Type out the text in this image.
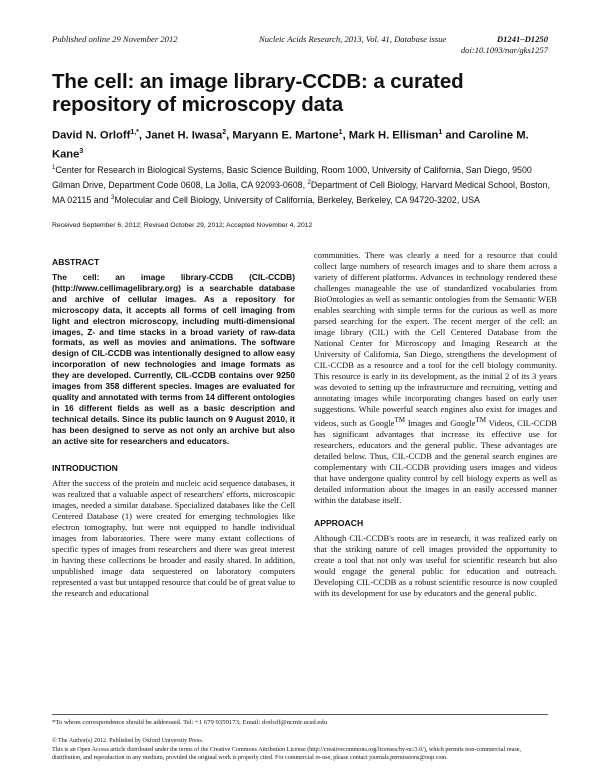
Published online 29 November 2012	Nucleic Acids Research, 2013, Vol. 41, Database issue	D1241–D1250
doi:10.1093/nar/gks1257
The cell: an image library-CCDB: a curated repository of microscopy data
David N. Orloff$^{1,*}$, Janet H. Iwasa$^2$, Maryann E. Martone$^1$, Mark H. Ellisman$^1$ and Caroline M. Kane$^3$
$^1$Center for Research in Biological Systems, Basic Science Building, Room 1000, University of California, San Diego, 9500 Gilman Drive, Department Code 0608, La Jolla, CA 92093-0608, $^2$Department of Cell Biology, Harvard Medical School, Boston, MA 02115 and $^3$Molecular and Cell Biology, University of California, Berkeley, Berkeley, CA 94720-3202, USA
Received September 6, 2012; Revised October 29, 2012; Accepted November 4, 2012
ABSTRACT

The cell: an image library-CCDB (CIL-CCDB) (http://www.cellimagelibrary.org) is a searchable database and archive of cellular images. As a repository for microscopy data, it accepts all forms of cell imaging from light and electron microscopy, including multi-dimensional images, Z- and time stacks in a broad variety of raw-data formats, as well as movies and animations. The software design of CIL-CCDB was intentionally designed to allow easy incorporation of new technologies and image formats as they are developed. Currently, CIL-CCDB contains over 9250 images from 358 different species. Images are evaluated for quality and annotated with terms from 14 different ontologies in 16 different fields as well as a basic description and technical details. Since its public launch on 9 August 2010, it has been designed to serve as not only an archive but also an active site for researchers and educators.

INTRODUCTION

After the success of the protein and nucleic acid sequence databases, it was realized that a valuable aspect of researchers' efforts, microscopic images, needed a similar database. Specialized databases like the Cell Centered Database (1) were created for emerging technologies like electron tomography, but were not equipped to handle individual images from laboratories. There were many extant collections of specific types of images from researchers and there was great interest in having these collections be broader and easily shared. In addition, unpublished image data sequestered on laboratory computers represented a vast but untapped resource that could be of great value to the research and educational

communities. There was clearly a need for a resource that could collect large numbers of research images and to share them across a variety of different platforms. Advances in technology rendered these challenges manageable the use of standardized vocabularies from BioOntologies as well as semantic ontologies from the Semantic WEB enables searching with simple terms for the curious as well as more parsed searching for the expert. The recent merger of the cell: an image library (CIL) with the Cell Centered Database from the National Center for Microscopy and Imaging Research at the University of California, San Diego, strengthens the development of CIL-CCDB as a resource and a tool for the cell biology community. This resource is early in its development, as the initial 2 of its 3 years was devoted to setting up the infrastructure and recruiting, vetting and annotating images while incorporating changes based on early user suggestions. While powerful search engines also exist for images and videos, such as Google™ Images and Google™ Videos, CIL-CCDB has significant advantages that increase its effective use for researchers, educators and the general public. These advantages are detailed below. Thus, CIL-CCDB and the general search engines are complementary with CIL-CCDB providing users images and videos that have undergone quality control by cell biology experts as well as detailed information about the images in an easily accessed manner within the database itself.

APPROACH

Although CIL-CCDB's roots are in research, it was realized early on that the striking nature of cell images provided the opportunity to create a tool that not only was useful for scientific research but also would engage the general public for education and outreach. Developing CIL-CCDB as a robust scientific resource is now coupled with its development for use by educators and the general public.

*To whom correspondence should be addressed. Tel: +1 679 9359173; Email: dorloff@ncmir.ucsd.edu
© The Author(s) 2012. Published by Oxford University Press.
This is an Open Access article distributed under the terms of the Creative Commons Attribution License (http://creativecommons.org/licenses/by-nc/3.0/), which permits non-commercial reuse, distribution, and reproduction in any medium, provided the original work is properly cited. For commercial re-use, please contact journals.permissions@oup.com.
